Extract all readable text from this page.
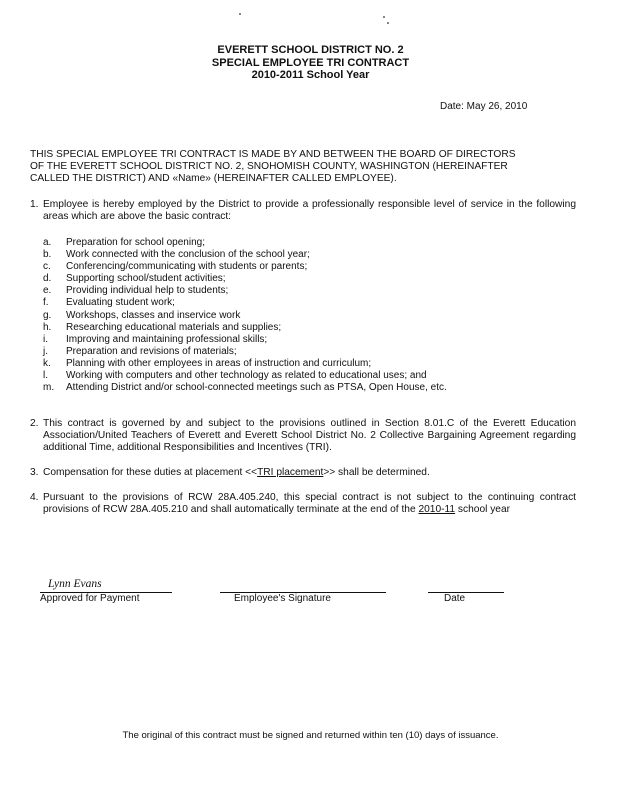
EVERETT SCHOOL DISTRICT NO. 2
SPECIAL EMPLOYEE TRI CONTRACT
2010-2011 School Year
Date: May 26, 2010
THIS SPECIAL EMPLOYEE TRI CONTRACT IS MADE BY AND BETWEEN THE BOARD OF DIRECTORS
OF THE EVERETT SCHOOL DISTRICT NO. 2, SNOHOMISH COUNTY, WASHINGTON (HEREINAFTER
CALLED THE DISTRICT) AND «Name» (HEREINAFTER CALLED EMPLOYEE).
1. Employee is hereby employed by the District to provide a professionally responsible level of service in the following areas which are above the basic contract:
a. Preparation for school opening;
b. Work connected with the conclusion of the school year;
c. Conferencing/communicating with students or parents;
d. Supporting school/student activities;
e. Providing individual help to students;
f. Evaluating student work;
g. Workshops, classes and inservice work
h. Researching educational materials and supplies;
i. Improving and maintaining professional skills;
j. Preparation and revisions of materials;
k. Planning with other employees in areas of instruction and curriculum;
l. Working with computers and other technology as related to educational uses; and
m. Attending District and/or school-connected meetings such as PTSA, Open House, etc.
2. This contract is governed by and subject to the provisions outlined in Section 8.01.C of the Everett Education Association/United Teachers of Everett and Everett School District No. 2 Collective Bargaining Agreement regarding additional Time, additional Responsibilities and Incentives (TRI).
3. Compensation for these duties at placement <<TRI placement>> shall be determined.
4. Pursuant to the provisions of RCW 28A.405.240, this special contract is not subject to the continuing contract provisions of RCW 28A.405.210 and shall automatically terminate at the end of the 2010-11 school year
Lynn Evans
Approved for Payment	Employee's Signature	Date
The original of this contract must be signed and returned within ten (10) days of issuance.
